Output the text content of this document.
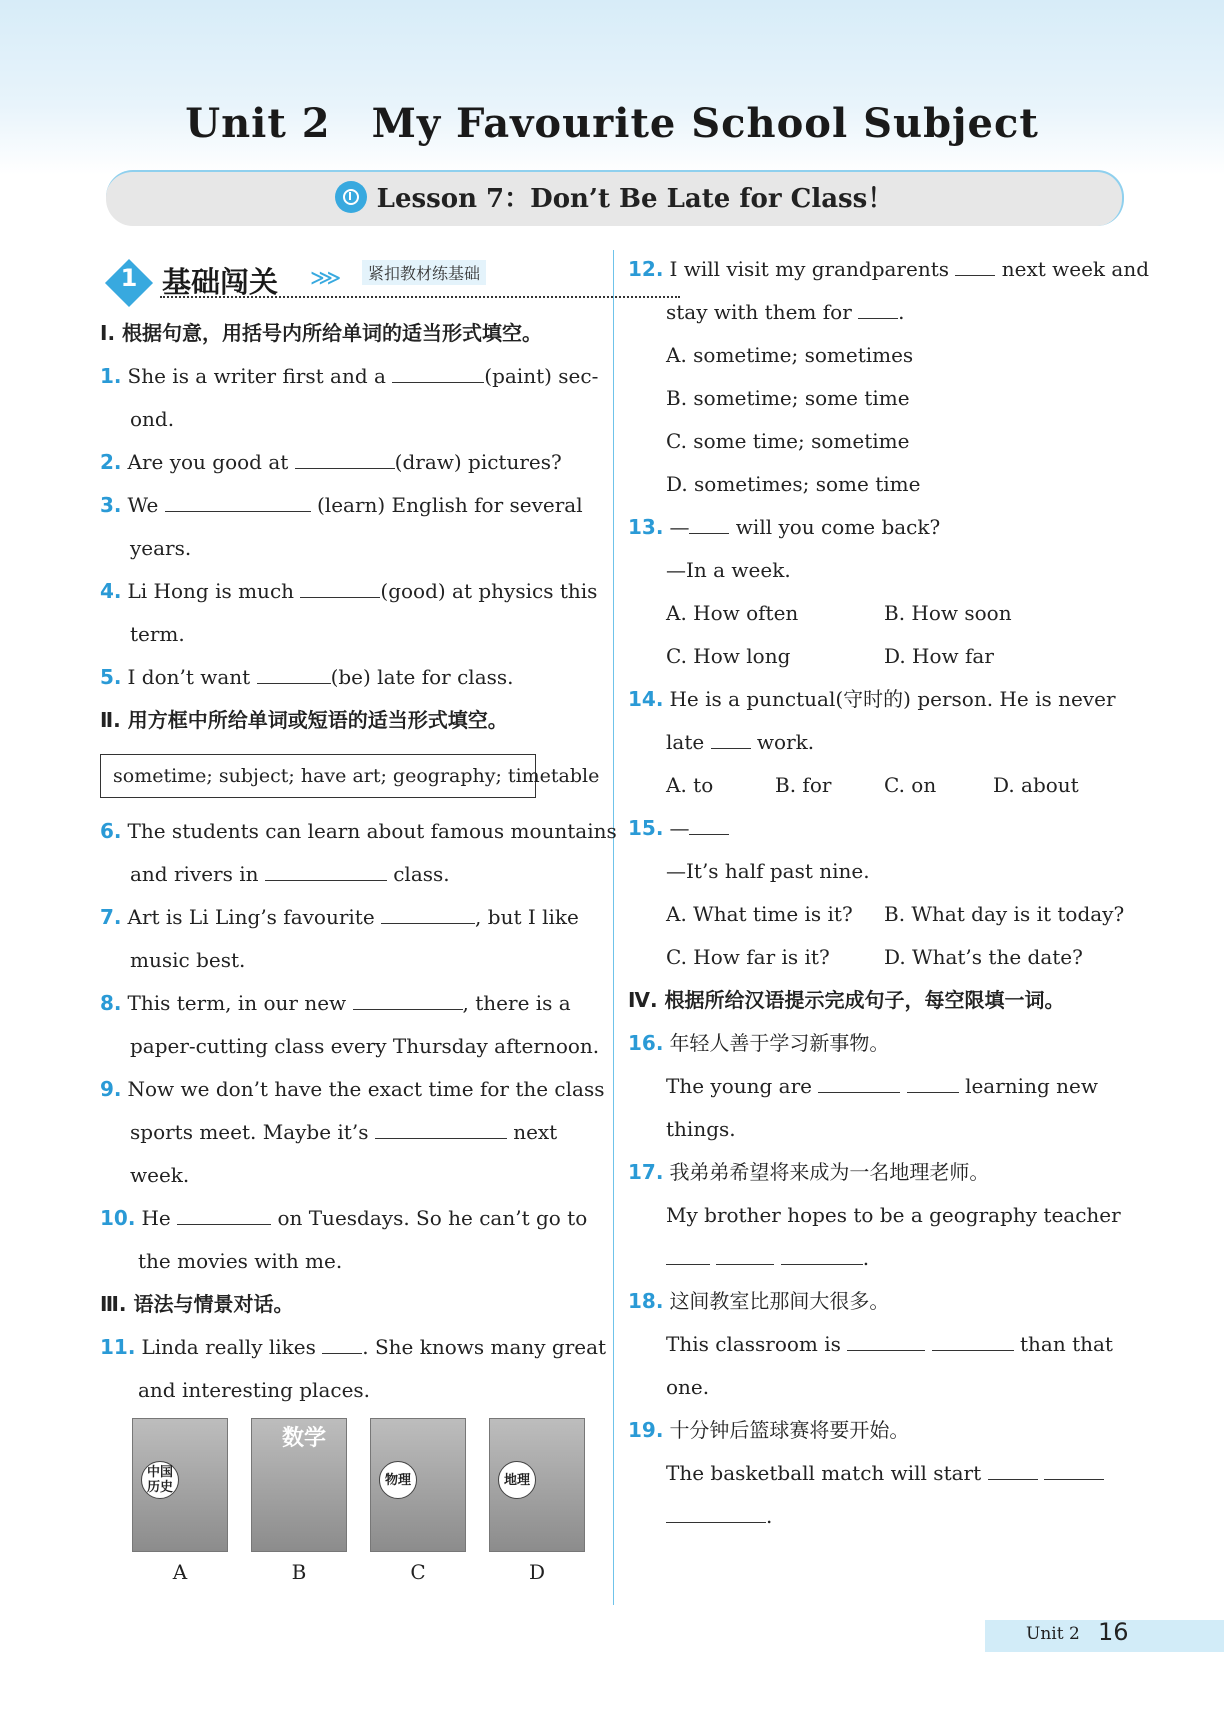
Unit 2　My Favourite School Subject
Lesson 7：Don’t Be Late for Class！
1 基础闯关 ⋙	紧扣教材练基础
Ⅰ. 根据句意，用括号内所给单词的适当形式填空。
1. She is a writer first and a	(paint) sec-
ond.
2. Are you good at	(draw) pictures?
3. We	(learn) English for several
years.
4. Li Hong is much	(good) at physics this
term.
5. I don’t want	(be) late for class.
Ⅱ. 用方框中所给单词或短语的适当形式填空。
sometime; subject; have art; geography; timetable
6. The students can learn about famous mountains
and rivers in	class.
7. Art is Li Ling’s favourite	, but I like
music best.
8. This term, in our new	, there is a
paper-cutting class every Thursday afternoon.
9. Now we don’t have the exact time for the class
sports meet. Maybe it’s	next
week.
10. He	on Tuesdays. So he can’t go to
the movies with me.
Ⅲ. 语法与情景对话。
11. Linda really likes . She knows many great
and interesting places.
中国历史
A
数学
B
物理
C
地理
D
12. I will visit my grandparents	next week and
stay with them for .
A. sometime; sometimes
B. sometime; some time
C. some time; sometime
D. sometimes; some time
13. — will you come back?
—In a week.
A. How often	B. How soon
C. How long	D. How far
14. He is a punctual(守时的) person. He is never
late	work.
A. to	B. for	C. on	D. about
15. —
—It’s half past nine.
A. What time is it? B. What day is it today?
C. How far is it?	D. What’s the date?
Ⅳ. 根据所给汉语提示完成句子，每空限填一词。
16. 年轻人善于学习新事物。
The young are	learning new
things.
17. 我弟弟希望将来成为一名地理老师。
My brother hopes to be a geography teacher
.
18. 这间教室比那间大很多。
This classroom is	than that
one.
19. 十分钟后篮球赛将要开始。
The basketball match will start
.
Unit 2 16
